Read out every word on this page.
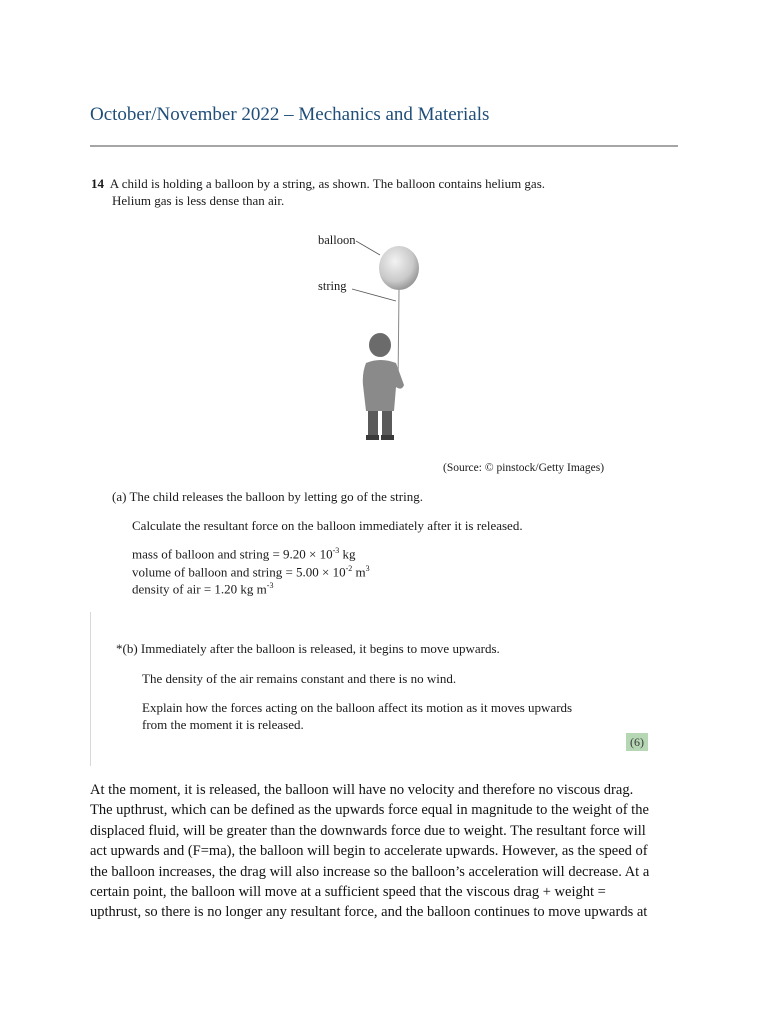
October/November 2022 – Mechanics and Materials
14 A child is holding a balloon by a string, as shown. The balloon contains helium gas.
Helium gas is less dense than air.
balloon
string
(Source: © pinstock/Getty Images)
(a) The child releases the balloon by letting go of the string.
Calculate the resultant force on the balloon immediately after it is released.
mass of balloon and string = $9.20 \times 10^{-3}$ kg
volume of balloon and string = $5.00 \times 10^{-2}$ $m^3$
density of air = 1.20 kg $m^{-3}$
*(b) Immediately after the balloon is released, it begins to move upwards.
The density of the air remains constant and there is no wind.
Explain how the forces acting on the balloon affect its motion as it moves upwards
from the moment it is released.
(6)
At the moment, it is released, the balloon will have no velocity and therefore no viscous drag.
The upthrust, which can be defined as the upwards force equal in magnitude to the weight of the
displaced fluid, will be greater than the downwards force due to weight. The resultant force will
act upwards and (F=ma), the balloon will begin to accelerate upwards. However, as the speed of
the balloon increases, the drag will also increase so the balloon’s acceleration will decrease. At a
certain point, the balloon will move at a sufficient speed that the viscous drag + weight =
upthrust, so there is no longer any resultant force, and the balloon continues to move upwards at
